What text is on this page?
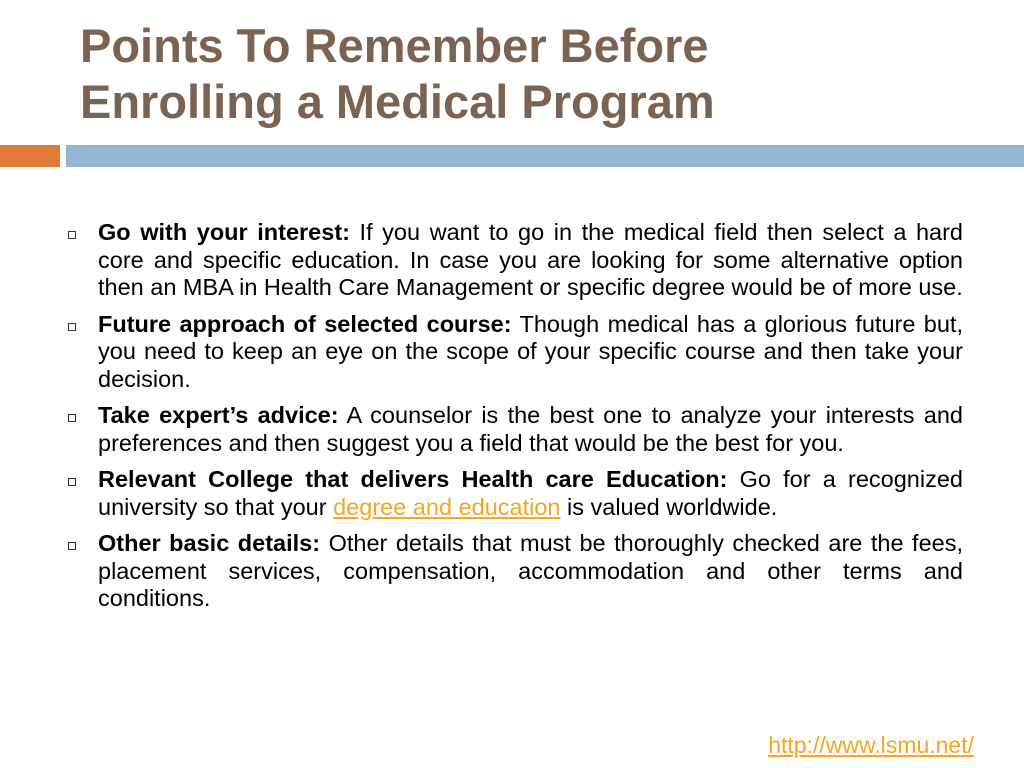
Points To Remember Before
Enrolling a Medical Program
Go with your interest: If you want to go in the medical field then select a hard core and specific education. In case you are looking for some alternative option then an MBA in Health Care Management or specific degree would be of more use.
Future approach of selected course: Though medical has a glorious future but, you need to keep an eye on the scope of your specific course and then take your decision.
Take expert’s advice: A counselor is the best one to analyze your interests and preferences and then suggest you a field that would be the best for you.
Relevant College that delivers Health care Education: Go for a recognized university so that your degree and education is valued worldwide.
Other basic details: Other details that must be thoroughly checked are the fees, placement services, compensation, accommodation and other terms and conditions.
http://www.lsmu.net/
